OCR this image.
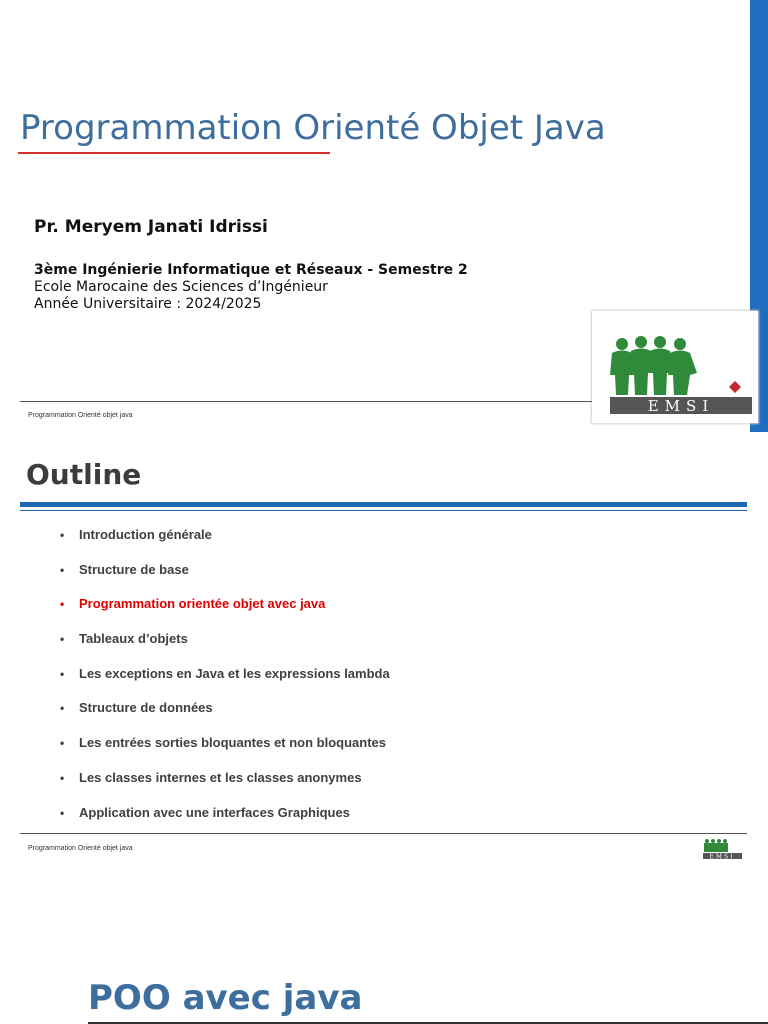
Programmation Orienté Objet Java
Pr. Meryem Janati Idrissi
3ème Ingénierie Informatique et Réseaux - Semestre 2
Ecole Marocaine des Sciences d’Ingénieur
Année Universitaire : 2024/2025
EMSI
Programmation Orienté objet java
Outline
• Introduction générale
• Structure de base
• Programmation orientée objet avec java
• Tableaux d’objets
• Les exceptions en Java et les expressions lambda
• Structure de données
• Les entrées sorties bloquantes et non bloquantes
• Les classes internes et les classes anonymes
• Application avec une interfaces Graphiques
Programmation Orienté objet java
EMSI
POO avec java
